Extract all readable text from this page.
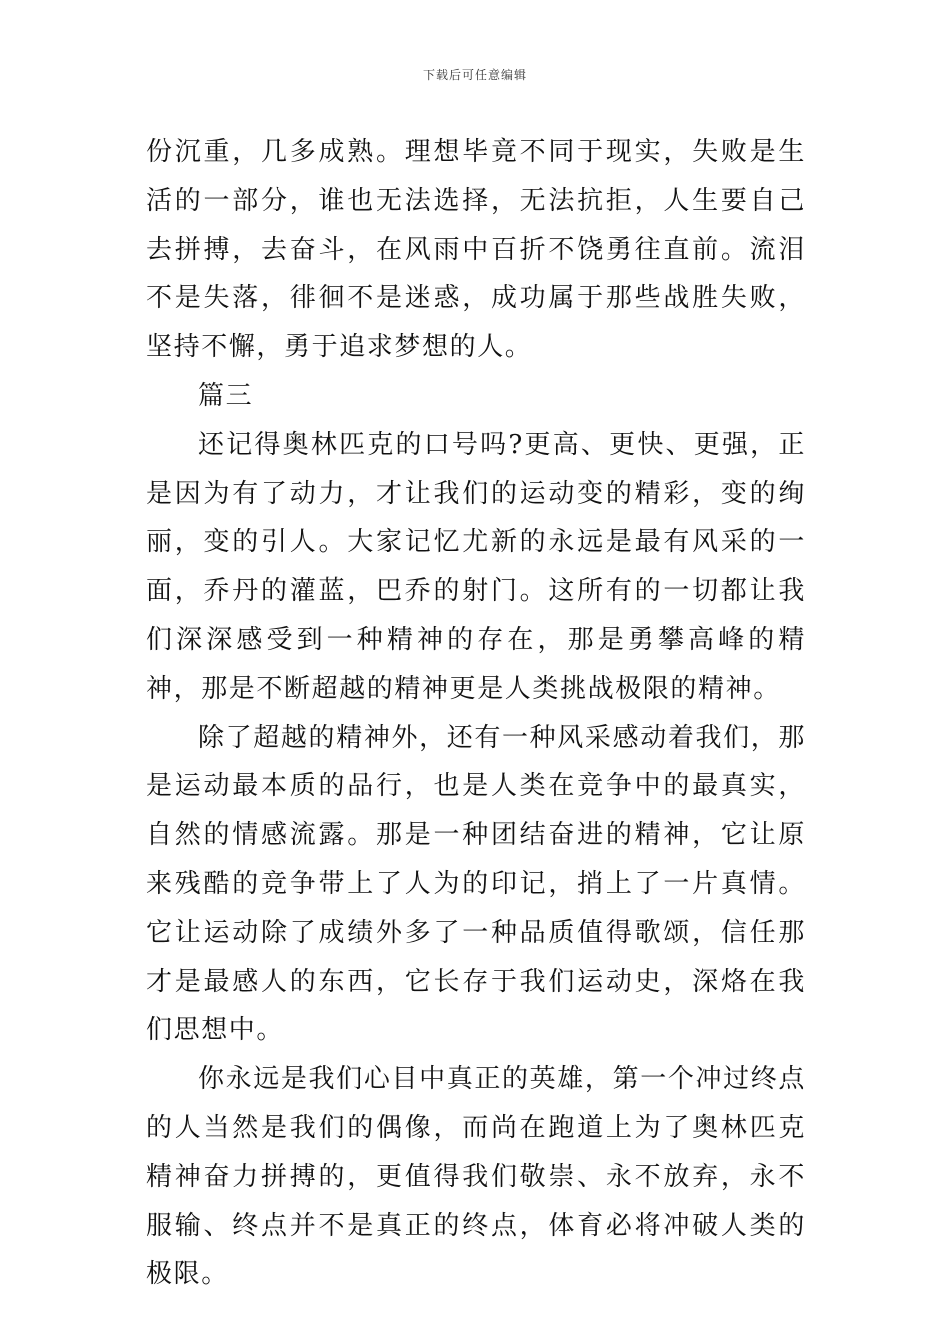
下载后可任意编辑

份沉重，几多成熟。理想毕竟不同于现实，失败是生活的一部分，谁也无法选择，无法抗拒，人生要自己去拼搏，去奋斗，在风雨中百折不饶勇往直前。流泪不是失落，徘徊不是迷惑，成功属于那些战胜失败，坚持不懈，勇于追求梦想的人。

篇三

还记得奥林匹克的口号吗?更高、更快、更强，正是因为有了动力，才让我们的运动变的精彩，变的绚丽，变的引人。大家记忆尤新的永远是最有风采的一面，乔丹的灌蓝，巴乔的射门。这所有的一切都让我们深深感受到一种精神的存在，那是勇攀高峰的精神，那是不断超越的精神更是人类挑战极限的精神。

除了超越的精神外，还有一种风采感动着我们，那是运动最本质的品行，也是人类在竞争中的最真实，自然的情感流露。那是一种团结奋进的精神，它让原来残酷的竞争带上了人为的印记，捎上了一片真情。它让运动除了成绩外多了一种品质值得歌颂，信任那才是最感人的东西，它长存于我们运动史，深烙在我们思想中。

你永远是我们心目中真正的英雄，第一个冲过终点的人当然是我们的偶像，而尚在跑道上为了奥林匹克精神奋力拼搏的，更值得我们敬崇、永不放弃，永不服输、终点并不是真正的终点，体育必将冲破人类的极限。
